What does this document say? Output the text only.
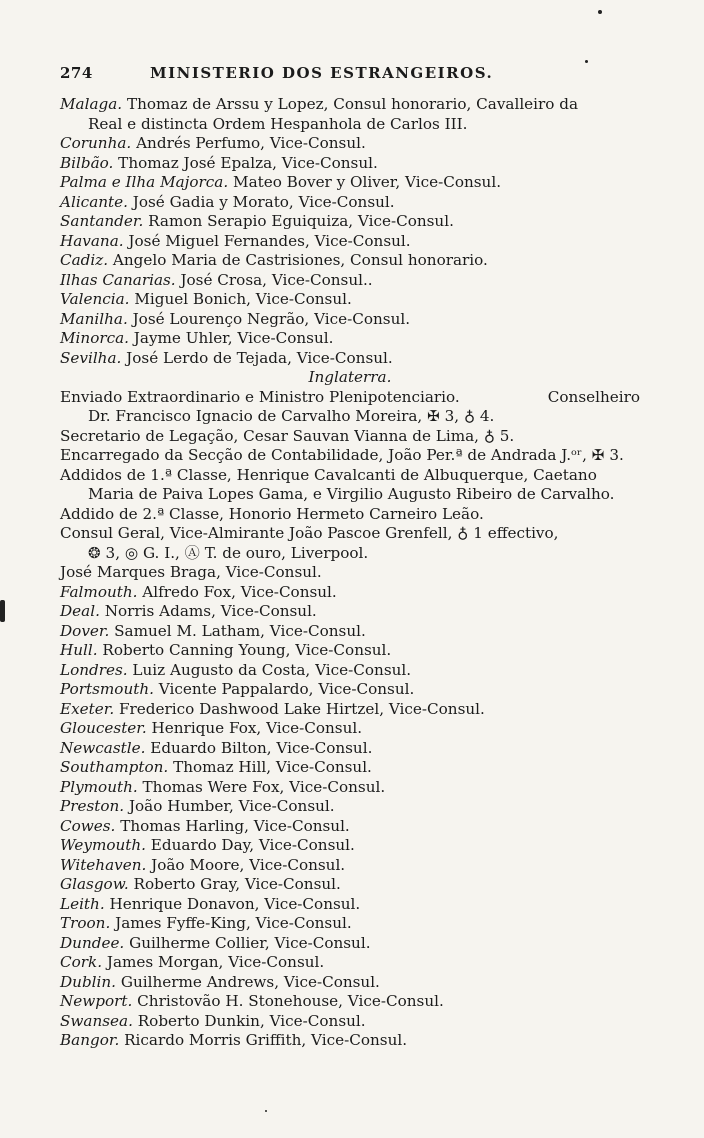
274	MINISTERIO DOS ESTRANGEIROS.
Malaga. Thomaz de Arssu y Lopez, Consul honorario, Cavalleiro da
Real e distincta Ordem Hespanhola de Carlos III.
Corunha. Andrés Perfumo, Vice-Consul.
Bilbão. Thomaz José Epalza, Vice-Consul.
Palma e Ilha Majorca. Mateo Bover y Oliver, Vice-Consul.
Alicante. José Gadia y Morato, Vice-Consul.
Santander. Ramon Serapio Eguiquiza, Vice-Consul.
Havana. José Miguel Fernandes, Vice-Consul.
Cadiz. Angelo Maria de Castrisiones, Consul honorario.
Ilhas Canarias. José Crosa, Vice-Consul..
Valencia. Miguel Bonich, Vice-Consul.
Manilha. José Lourenço Negrão, Vice-Consul.
Minorca. Jayme Uhler, Vice-Consul.
Sevilha. José Lerdo de Tejada, Vice-Consul.
Inglaterra.
Enviado Extraordinario e Ministro Plenipotenciario.	Conselheiro
Dr. Francisco Ignacio de Carvalho Moreira, ✠ 3, ♁ 4.
Secretario de Legação, Cesar Sauvan Vianna de Lima, ♁ 5.
Encarregado da Secção de Contabilidade, João Per.ª de Andrada J.ᵒʳ, ✠ 3.
Addidos de 1.ª Classe, Henrique Cavalcanti de Albuquerque, Caetano
Maria de Paiva Lopes Gama, e Virgilio Augusto Ribeiro de Carvalho.
Addido de 2.ª Classe, Honorio Hermeto Carneiro Leão.
Consul Geral, Vice-Almirante João Pascoe Grenfell, ♁ 1 effectivo,
❂ 3, ◎ G. I., Ⓐ T. de ouro, Liverpool.
José Marques Braga, Vice-Consul.
Falmouth. Alfredo Fox, Vice-Consul.
Deal. Norris Adams, Vice-Consul.
Dover. Samuel M. Latham, Vice-Consul.
Hull. Roberto Canning Young, Vice-Consul.
Londres. Luiz Augusto da Costa, Vice-Consul.
Portsmouth. Vicente Pappalardo, Vice-Consul.
Exeter. Frederico Dashwood Lake Hirtzel, Vice-Consul.
Gloucester. Henrique Fox, Vice-Consul.
Newcastle. Eduardo Bilton, Vice-Consul.
Southampton. Thomaz Hill, Vice-Consul.
Plymouth. Thomas Were Fox, Vice-Consul.
Preston. João Humber, Vice-Consul.
Cowes. Thomas Harling, Vice-Consul.
Weymouth. Eduardo Day, Vice-Consul.
Witehaven. João Moore, Vice-Consul.
Glasgow. Roberto Gray, Vice-Consul.
Leith. Henrique Donavon, Vice-Consul.
Troon. James Fyffe-King, Vice-Consul.
Dundee. Guilherme Collier, Vice-Consul.
Cork. James Morgan, Vice-Consul.
Dublin. Guilherme Andrews, Vice-Consul.
Newport. Christovão H. Stonehouse, Vice-Consul.
Swansea. Roberto Dunkin, Vice-Consul.
Bangor. Ricardo Morris Griffith, Vice-Consul.
